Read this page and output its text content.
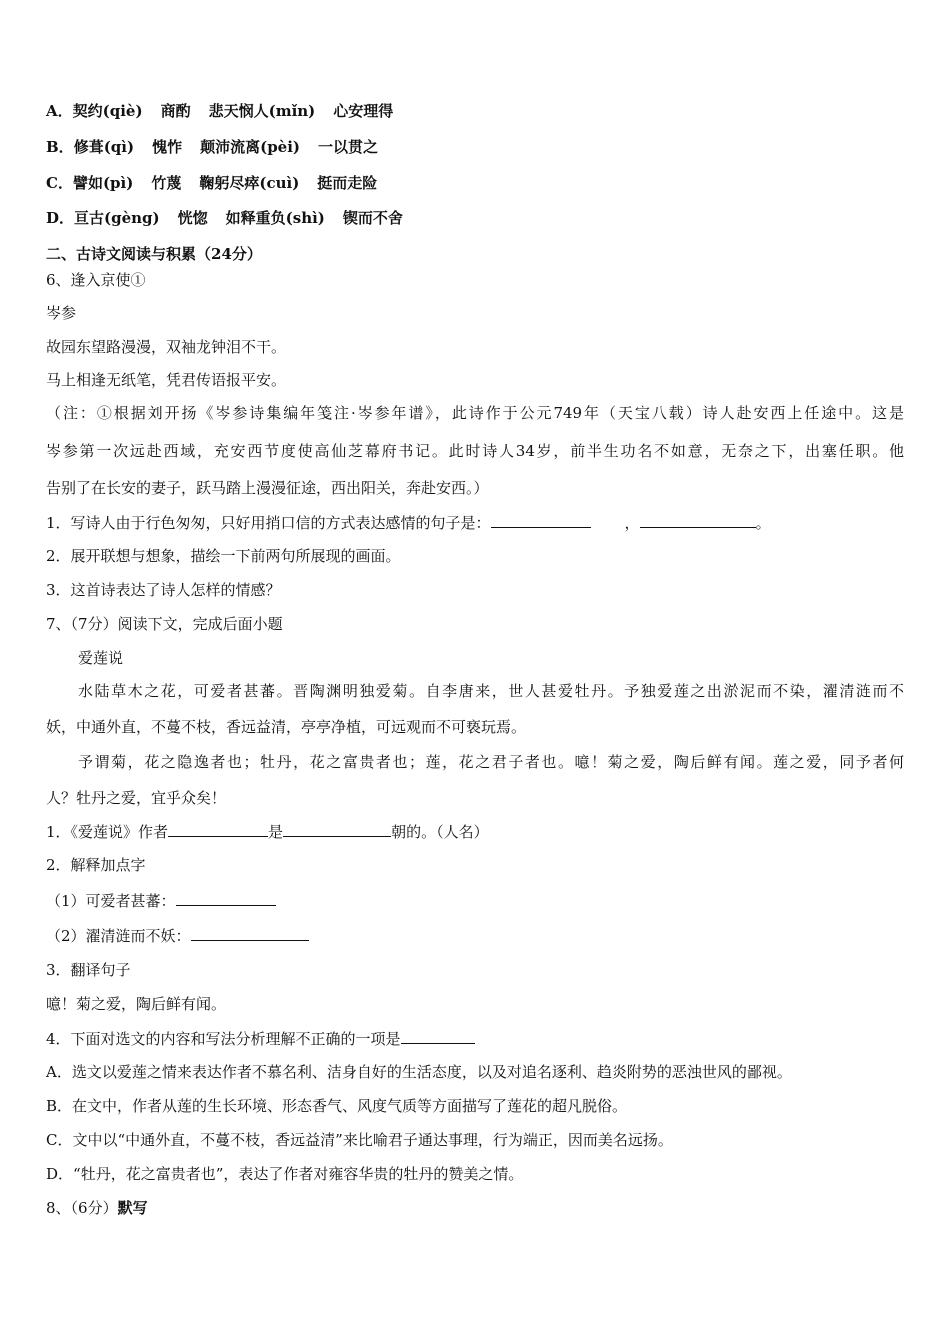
A．契约(qiè) 商酌 悲天悯人(mǐn) 心安理得
B．修葺(qì) 愧怍 颠沛流离(pèi) 一以贯之
C．譬如(pì) 竹蔑 鞠躬尽瘁(cuì) 挺而走险
D．亘古(gèng) 恍惚 如释重负(shì) 锲而不舍
二、古诗文阅读与积累（24分）
6、逢入京使①
岑参
故园东望路漫漫，双袖龙钟泪不干。
马上相逢无纸笔，凭君传语报平安。
（注：①根据刘开扬《岑参诗集编年笺注·岑参年谱》，此诗作于公元749年（天宝八载）诗人赴安西上任途中。这是
岑参第一次远赴西域，充安西节度使高仙芝幕府书记。此时诗人34岁，前半生功名不如意，无奈之下，出塞任职。他
告别了在长安的妻子，跃马踏上漫漫征途，西出阳关，奔赴安西。）
1．写诗人由于行色匆匆，只好用捎口信的方式表达感情的句子是：	，	。
2．展开联想与想象，描绘一下前两句所展现的画面。
3．这首诗表达了诗人怎样的情感？
7、（7分）阅读下文，完成后面小题
爱莲说
水陆草木之花，可爱者甚蕃。晋陶渊明独爱菊。自李唐来，世人甚爱牡丹。予独爱莲之出淤泥而不染，濯清涟而不
妖，中通外直，不蔓不枝，香远益清，亭亭净植，可远观而不可亵玩焉。
予谓菊，花之隐逸者也；牡丹，花之富贵者也；莲，花之君子者也。噫！菊之爱，陶后鲜有闻。莲之爱，同予者何
人？牡丹之爱，宜乎众矣！
1．《爱莲说》作者	是	朝的。（人名）
2．解释加点字
（1）可爱者甚蕃：
（2）濯清涟而不妖：
3．翻译句子
噫！菊之爱，陶后鲜有闻。
4．下面对选文的内容和写法分析理解不正确的一项是
A．选文以爱莲之情来表达作者不慕名利、洁身自好的生活态度，以及对追名逐利、趋炎附势的恶浊世风的鄙视。
B．在文中，作者从莲的生长环境、形态香气、风度气质等方面描写了莲花的超凡脱俗。
C．文中以“中通外直，不蔓不枝，香远益清”来比喻君子通达事理，行为端正，因而美名远扬。
D．“牡丹，花之富贵者也”，表达了作者对雍容华贵的牡丹的赞美之情。
8、（6分）默写
